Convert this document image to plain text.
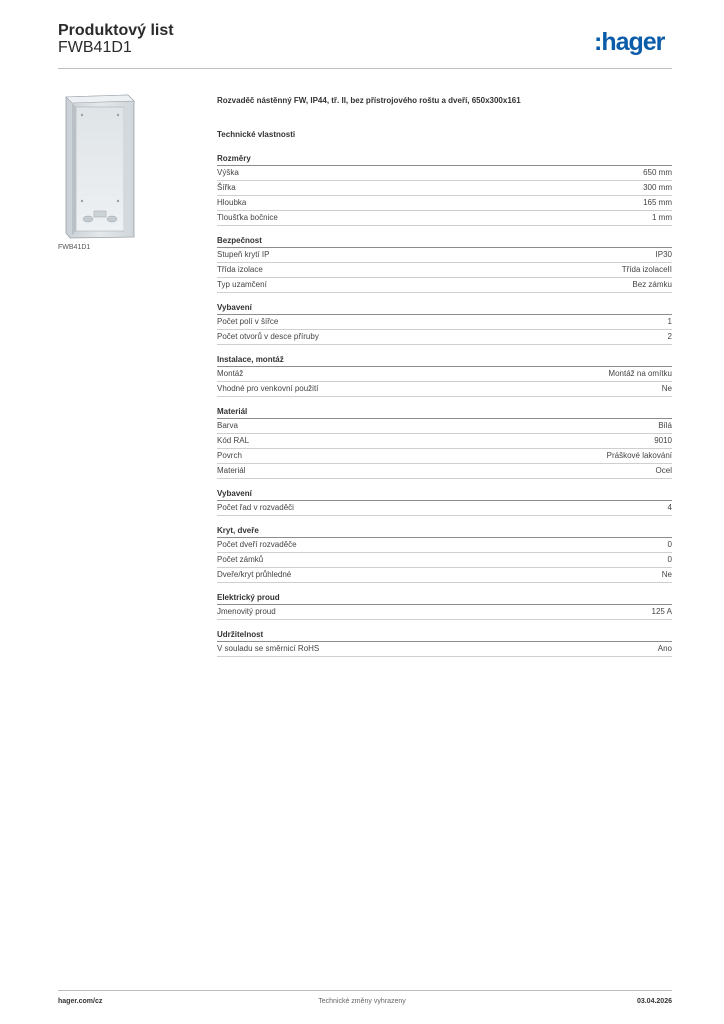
Produktový list
FWB41D1	:hager
FWB41D1
Rozvaděč nástěnný FW, IP44, tř. II, bez přístrojového roštu a dveří, 650x300x161
Technické vlastnosti
Rozměry
Výška	650 mm
Šířka	300 mm
Hloubka	165 mm
Tloušťka bočnice	1 mm
Bezpečnost
Stupeň krytí IP	IP30
Třída izolace	Třída izolaceII
Typ uzamčení	Bez zámku
Vybavení
Počet polí v šířce	1
Počet otvorů v desce příruby	2
Instalace, montáž
Montáž	Montáž na omítku
Vhodné pro venkovní použití	Ne
Materiál
Barva	Bílá
Kód RAL	9010
Povrch	Práškové lakování
Materiál	Ocel
Vybavení
Počet řad v rozvaděči	4
Kryt, dveře
Počet dveří rozvaděče	0
Počet zámků	0
Dveře/kryt průhledné	Ne
Elektrický proud
Jmenovitý proud	125 A
Udržitelnost
V souladu se směrnicí RoHS	Ano
hager.com/cz	Technické změny vyhrazeny	03.04.2026
